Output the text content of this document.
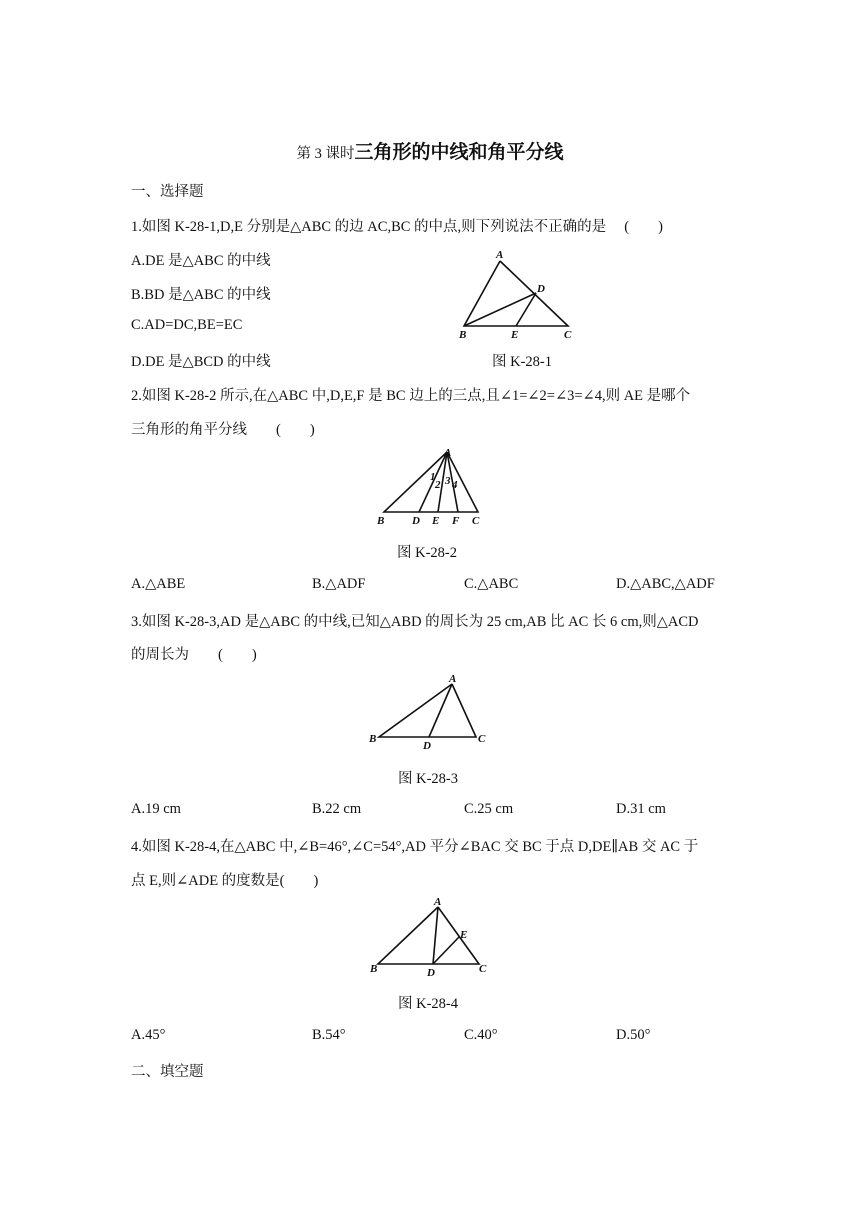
第 3 课时三角形的中线和角平分线
一、选择题
1.如图 K-28-1,D,E 分别是△ABC 的边 AC,BC 的中点,则下列说法不正确的是　 (　　)
A.DE 是△ABC 的中线
B.BD 是△ABC 的中线
C.AD=DC,BE=EC
D.DE 是△BCD 的中线
A
D
B	E	C
图 K-28-1
2.如图 K-28-2 所示,在△ABC 中,D,E,F 是 BC 边上的三点,且∠1=∠2=∠3=∠4,则 AE 是哪个
三角形的角平分线　　(　　)
A
1
2 3 4
B	D E F C
图 K-28-2
A.△ABE	B.△ADF	C.△ABC	D.△ABC,△ADF
3.如图 K-28-3,AD 是△ABC 的中线,已知△ABD 的周长为 25 cm,AB 比 AC 长 6 cm,则△ACD
的周长为　　(　　)
A
B
D
C
图 K-28-3
A.19 cm	B.22 cm	C.25 cm	D.31 cm
4.如图 K-28-4,在△ABC 中,∠B=46°,∠C=54°,AD 平分∠BAC 交 BC 于点 D,DE∥AB 交 AC 于
点 E,则∠ADE 的度数是(　　)
A
E
B	D	C
图 K-28-4
A.45°	B.54°	C.40°	D.50°
二、填空题
